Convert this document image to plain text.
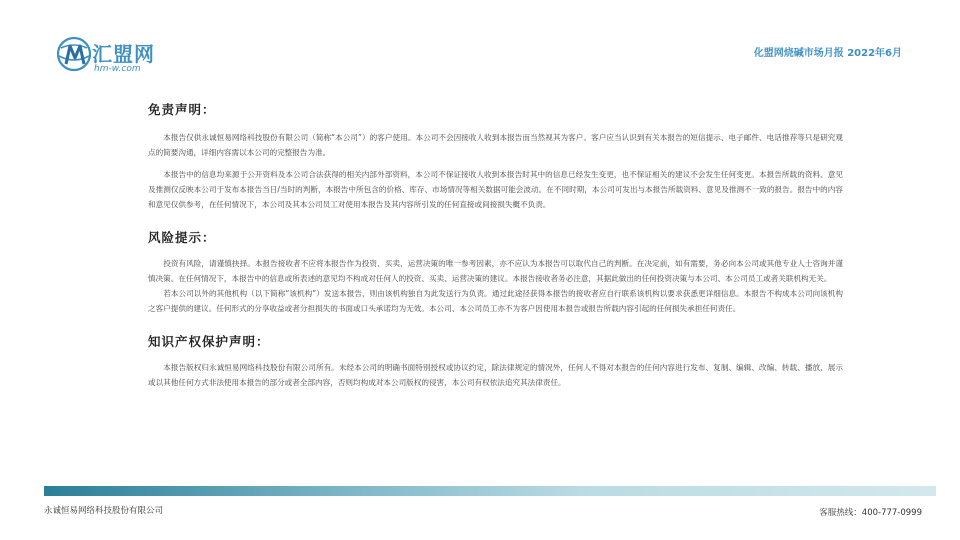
汇盟网
hm-w.com
化盟网烧碱市场月报 2022年6月
免责声明：

本报告仅供永诚恒易网络科技股份有限公司（简称“本公司”）的客户使用。本公司不会因接收人收到本报告而当然视其为客户。客户应当认识到有关本报告的短信提示、电子邮件、电话推荐等只是研究观点的简要沟通，详细内容需以本公司的完整报告为准。

本报告中的信息均来源于公开资料及本公司合法获得的相关内部外部资料，本公司不保证接收人收到本报告时其中的信息已经发生变更，也不保证相关的建议不会发生任何变更。本报告所载的资料、意见及推测仅反映本公司于发布本报告当日/当时的判断，本报告中所包含的价格、库存、市场情况等相关数据可能会波动。在不同时期，本公司可发出与本报告所载资料、意见及推测不一致的报告。报告中的内容和意见仅供参考，在任何情况下，本公司及其本公司员工对使用本报告及其内容所引发的任何直接或间接损失概不负责。

风险提示：

投资有风险，请谨慎抉择。本报告接收者不应将本报告作为投资、买卖、运营决策的唯一参考因素，亦不应认为本报告可以取代自己的判断。在决定前，如有需要，务必向本公司或其他专业人士咨询并谨慎决策。在任何情况下，本报告中的信息或所表述的意见均不构成对任何人的投资、买卖、运营决策的建议。本报告接收者务必注意，其据此做出的任何投资决策与本公司、本公司员工或者关联机构无关。

若本公司以外的其他机构（以下简称“该机构”）发送本报告，则由该机构独自为此发送行为负责。通过此途径获得本报告的接收者应自行联系该机构以要求获悉更详细信息。本报告不构成本公司向该机构之客户提供的建议。任何形式的分享收益或者分担损失的书面或口头承诺均为无效。本公司、本公司员工亦不为客户因使用本报告或报告所载内容引起的任何损失承担任何责任。

知识产权保护声明：

本报告版权归永诚恒易网络科技股份有限公司所有。未经本公司的明确书面特别授权或协议约定，除法律规定的情况外，任何人不得对本报告的任何内容进行发布、复制、编辑、改编、转载、播放、展示或以其他任何方式非法使用本报告的部分或者全部内容，否则均构成对本公司版权的侵害，本公司有权依法追究其法律责任。

永诚恒易网络科技股份有限公司	客服热线：400-777-0999
